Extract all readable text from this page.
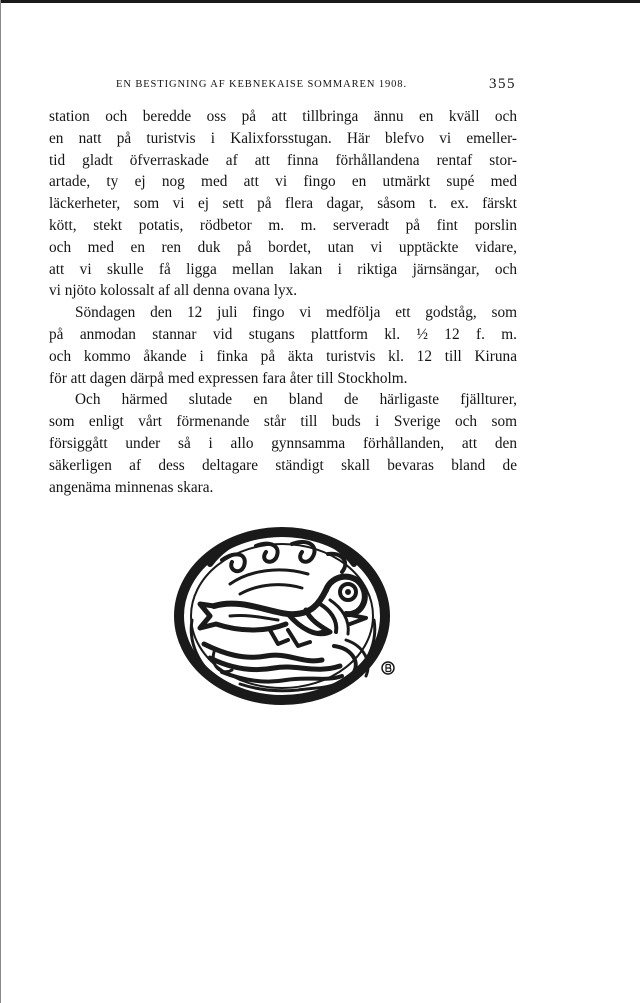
EN BESTIGNING AF KEBNEKAISE SOMMAREN 1908.	355
station och beredde oss på att tillbringa ännu en kväll och
en natt på turistvis i Kalixforsstugan. Här blefvo vi emeller-
tid gladt öfverraskade af att finna förhållandena rentaf stor-
artade, ty ej nog med att vi fingo en utmärkt supé med
läckerheter, som vi ej sett på flera dagar, såsom t. ex. färskt
kött, stekt potatis, rödbetor m. m. serveradt på fint porslin
och med en ren duk på bordet, utan vi upptäckte vidare,
att vi skulle få ligga mellan lakan i riktiga järnsängar, och
vi njöto kolossalt af all denna ovana lyx.
Söndagen den 12 juli fingo vi medfölja ett godståg, som
på anmodan stannar vid stugans plattform kl. ½ 12 f. m.
och kommo åkande i finka på äkta turistvis kl. 12 till Kiruna
för att dagen därpå med expressen fara åter till Stockholm.
Och härmed slutade en bland de härligaste fjällturer,
som enligt vårt förmenande står till buds i Sverige och som
försiggått under så i allo gynnsamma förhållanden, att den
säkerligen af dess deltagare ständigt skall bevaras bland de
angenäma minnenas skara.
